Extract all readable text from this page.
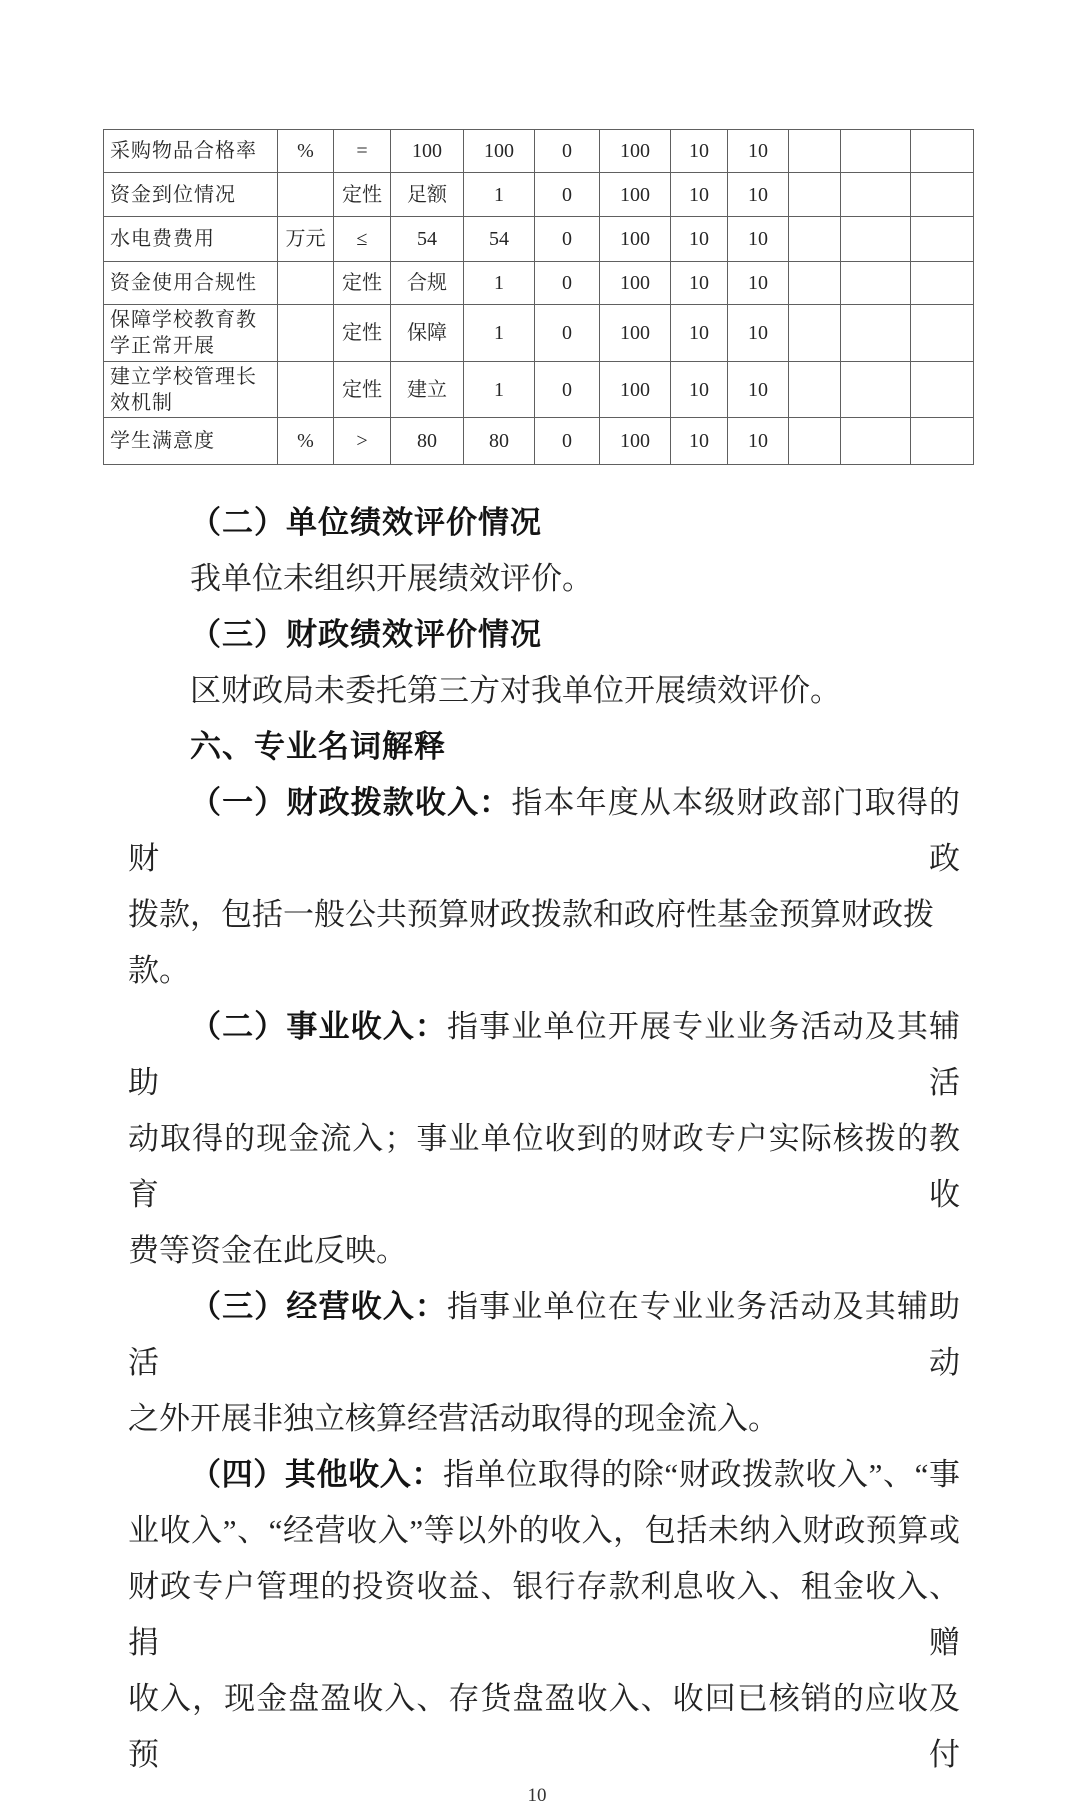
采购物品合格率	%	=	100	100	0	100	10	10			
资金到位情况		定性	足额	1	0	100	10	10			
水电费费用	万元	≤	54	54	0	100	10	10			
资金使用合规性		定性	合规	1	0	100	10	10			
保障学校教育教学正常开展		定性	保障	1	0	100	10	10			
建立学校管理长效机制		定性	建立	1	0	100	10	10			
学生满意度	%	>	80	80	0	100	10	10			
（二）单位绩效评价情况
我单位未组织开展绩效评价。
（三）财政绩效评价情况
区财政局未委托第三方对我单位开展绩效评价。
六、专业名词解释
（一）财政拨款收入：指本年度从本级财政部门取得的财政
拨款，包括一般公共预算财政拨款和政府性基金预算财政拨款。
（二）事业收入：指事业单位开展专业业务活动及其辅助活
动取得的现金流入；事业单位收到的财政专户实际核拨的教育收
费等资金在此反映。
（三）经营收入：指事业单位在专业业务活动及其辅助活动
之外开展非独立核算经营活动取得的现金流入。
（四）其他收入：指单位取得的除“财政拨款收入”、“事
业收入”、“经营收入”等以外的收入，包括未纳入财政预算或
财政专户管理的投资收益、银行存款利息收入、租金收入、捐赠
收入，现金盘盈收入、存货盘盈收入、收回已核销的应收及预付
10
